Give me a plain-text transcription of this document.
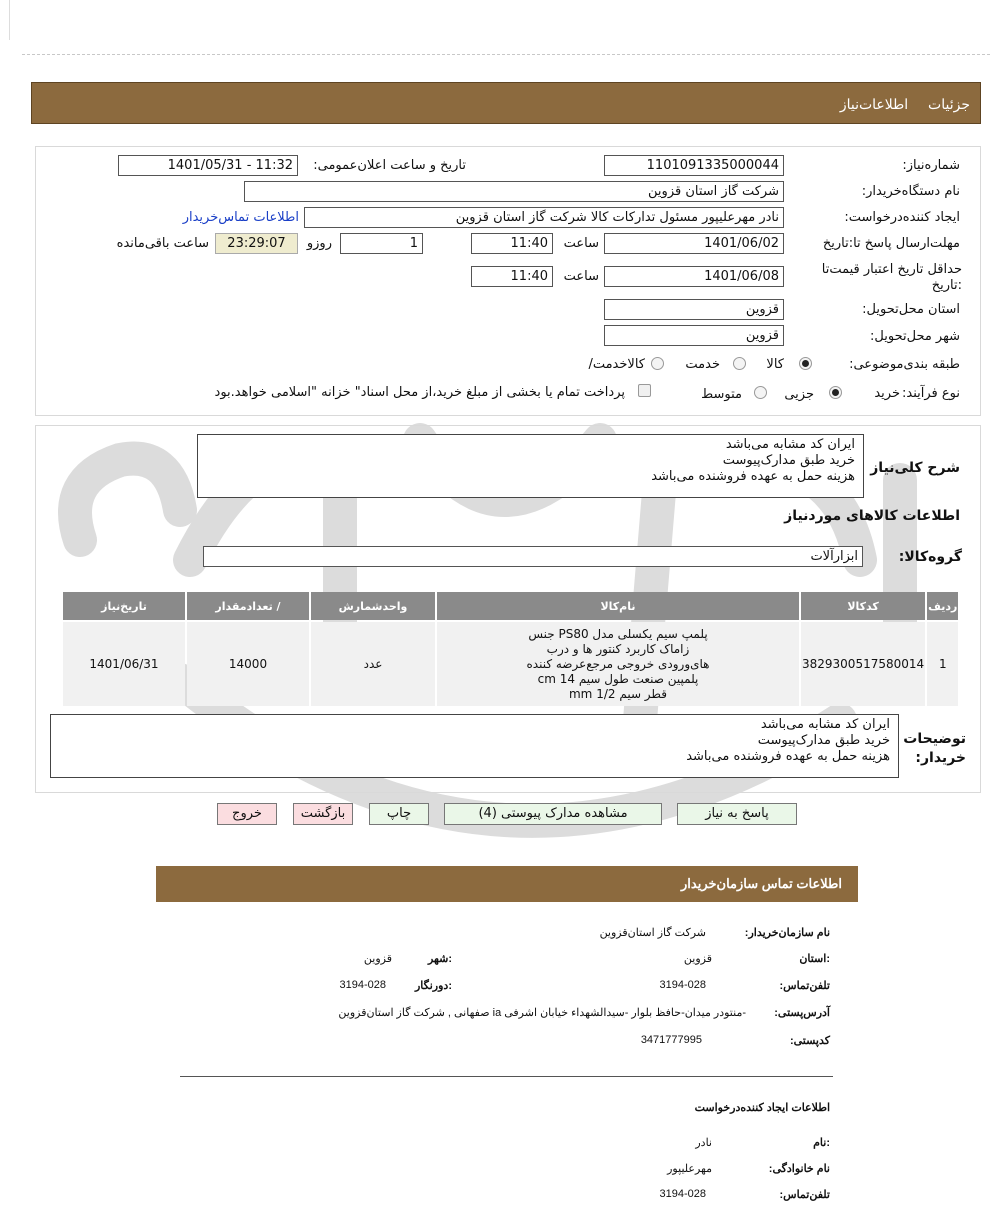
جزئیات اطلاعات‌نیاز
شماره‌نیاز:
1101091335000044
تاریخ و ساعت اعلان‌عمومی:
1401/05/31 - 11:32
نام دستگاه‌خریدار:
شرکت گاز استان قزوین
ایجاد کننده‌درخواست:
نادر مهرعلیپور مسئول تدارکات کالا شرکت گاز استان قزوین
اطلاعات تماس‌خریدار
مهلت‌ارسال پاسخ تا:تاریخ
1401/06/02
ساعت
11:40
1
روزو
23:29:07
ساعت باقی‌مانده
حداقل تاریخ اعتبار قیمت‌تا :تاریخ
1401/06/08
ساعت
11:40
استان محل‌تحویل:
قزوین
شهر محل‌تحویل:
قزوین
طبقه بندی‌موضوعی:
کالا
خدمت
کالاخدمت/
نوع فرآیند:
خرید
جزیی
متوسط
پرداخت تمام یا بخشی از مبلغ خرید،از محل اسناد" خزانه "اسلامی خواهد.بود
شرح کلی‌نیاز
ایران کد مشابه می‌باشد
خرید طبق مدارک‌پیوست
هزینه حمل به عهده فروشنده می‌باشد
اطلاعات کالاهای موردنیاز
گروه‌کالا:
ابزارآلات
ردیف	کدکالا	نام‌کالا	واحدشمارش	/ تعدادمقدار	تاریخ‌نیاز
1	3829300517580014	پلمپ سیم یکسلی مدل PS80 جنس
زاماک کاربرد کنتور ها و درب
های‌ورودی خروجی مرجع‌عرضه کننده
پلمپین صنعت طول سیم 14 cm
قطر سیم 1/2 mm	عدد	14000	1401/06/31
توضیحات
خریدار:
ایران کد مشابه می‌باشد
خرید طبق مدارک‌پیوست
هزینه حمل به عهده فروشنده می‌باشد
پاسخ به نیاز
مشاهده مدارک پیوستی (4)
چاپ
بازگشت
خروج
اطلاعات تماس سازمان‌خریدار
نام سازمان‌خریدار:
شرکت گاز استان‌قزوین
:استان
قزوین
:شهر
قزوین
تلفن‌تماس:
3194-028
:دورنگار
3194-028
آدرس‌پستی:
-منتودر میدان-حافظ بلوار -سیدالشهداء خیابان اشرفی ia صفهانی , شرکت گاز استان‌قزوین
کد‌پستی:
3471777995
اطلاعات ایجاد کننده‌درخواست
:نام
نادر
نام خانوادگی:
مهرعلیپور
تلفن‌تماس:
3194-028
